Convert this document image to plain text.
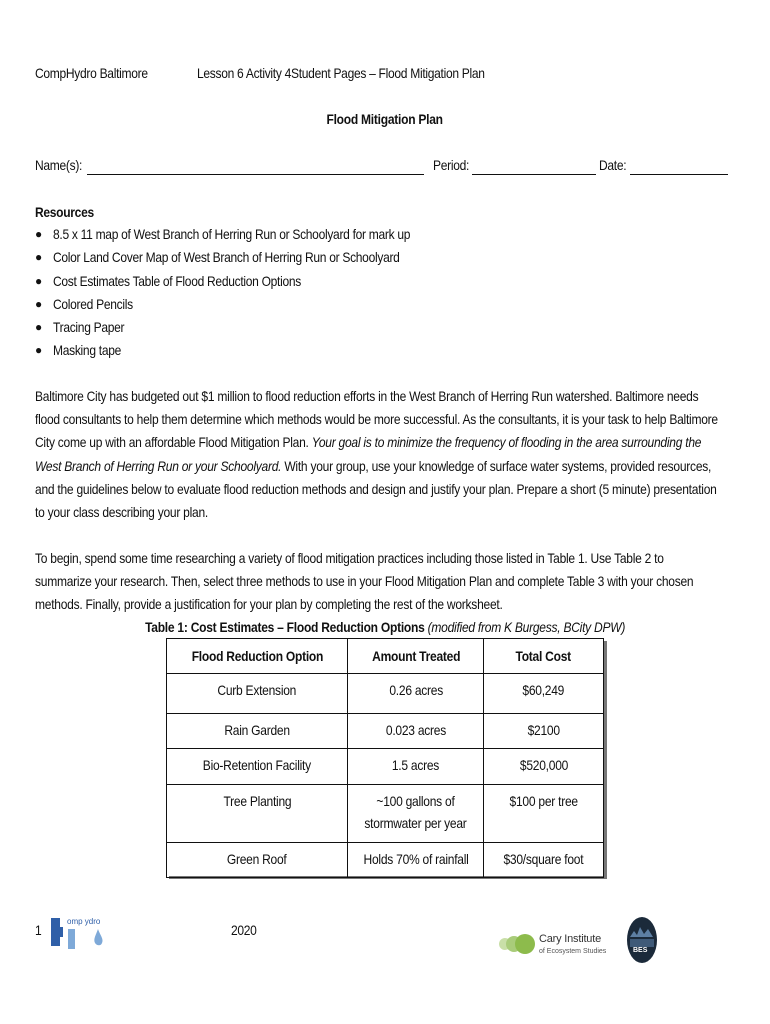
CompHydro Baltimore	Lesson 6 Activity 4Student Pages – Flood Mitigation Plan
Flood Mitigation Plan
Name(s):	Period:	Date:
Resources
● 8.5 x 11 map of West Branch of Herring Run or Schoolyard for mark up
● Color Land Cover Map of West Branch of Herring Run or Schoolyard
● Cost Estimates Table of Flood Reduction Options
● Colored Pencils
● Tracing Paper
● Masking tape
Baltimore City has budgeted out $1 million to flood reduction efforts in the West Branch of Herring Run watershed. Baltimore needs
flood consultants to help them determine which methods would be more successful. As the consultants, it is your task to help Baltimore
City come up with an affordable Flood Mitigation Plan. Your goal is to minimize the frequency of flooding in the area surrounding the
West Branch of Herring Run or your Schoolyard. With your group, use your knowledge of surface water systems, provided resources,
and the guidelines below to evaluate flood reduction methods and design and justify your plan. Prepare a short (5 minute) presentation
to your class describing your plan.
To begin, spend some time researching a variety of flood mitigation practices including those listed in Table 1. Use Table 2 to
summarize your research. Then, select three methods to use in your Flood Mitigation Plan and complete Table 3 with your chosen
methods. Finally, provide a justification for your plan by completing the rest of the worksheet.
Table 1: Cost Estimates – Flood Reduction Options (modified from K Burgess, BCity DPW)
Flood Reduction Option	Amount Treated	Total Cost
Curb Extension	0.26 acres	$60,249
Rain Garden	0.023 acres	$2100
Bio-Retention Facility	1.5 acres	$520,000
Tree Planting	~100 gallons of stormwater per year	$100 per tree
Green Roof	Holds 70% of rainfall	$30/square foot
1
omp ydro
2020
Cary Institute
of Ecosystem Studies	BES
